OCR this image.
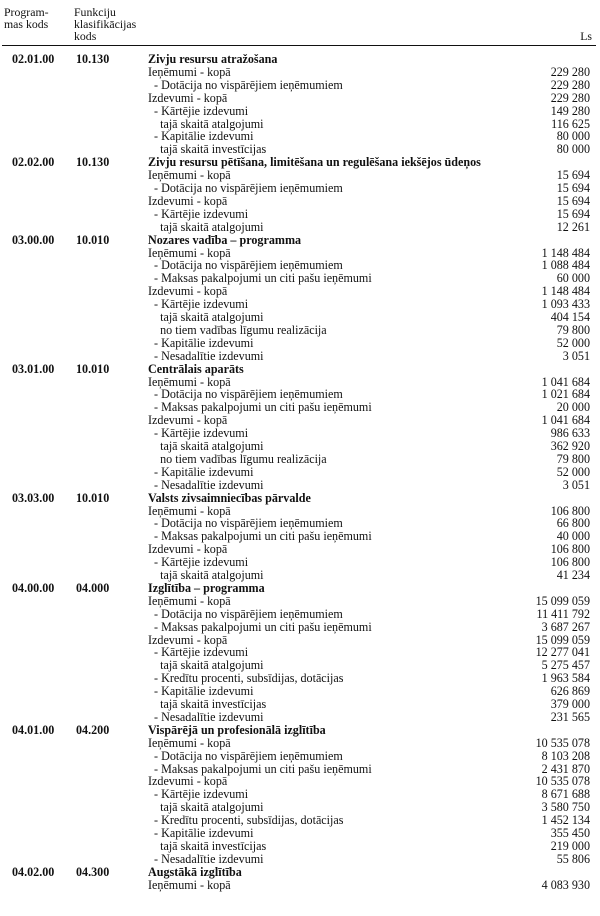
Program-
mas kods
Funkciju
klasifikācijas
kods	Ls
02.01.00 10.130	Zivju resursu atražošana
Ieņēmumi - kopā	229 280
- Dotācija no vispārējiem ieņēmumiem	229 280
Izdevumi - kopā	229 280
- Kārtējie izdevumi	149 280
tajā skaitā atalgojumi	116 625
- Kapitālie izdevumi	80 000
tajā skaitā investīcijas	80 000
02.02.00 10.130	Zivju resursu pētīšana, limitēšana un regulēšana iekšējos ūdeņos
Ieņēmumi - kopā	15 694
- Dotācija no vispārējiem ieņēmumiem	15 694
Izdevumi - kopā	15 694
- Kārtējie izdevumi	15 694
tajā skaitā atalgojumi	12 261
03.00.00 10.010	Nozares vadība – programma
Ieņēmumi - kopā	1 148 484
- Dotācija no vispārējiem ieņēmumiem	1 088 484
- Maksas pakalpojumi un citi pašu ieņēmumi	60 000
Izdevumi - kopā	1 148 484
- Kārtējie izdevumi	1 093 433
tajā skaitā atalgojumi	404 154
no tiem vadības līgumu realizācija	79 800
- Kapitālie izdevumi	52 000
- Nesadalītie izdevumi	3 051
03.01.00 10.010	Centrālais aparāts
Ieņēmumi - kopā	1 041 684
- Dotācija no vispārējiem ieņēmumiem	1 021 684
- Maksas pakalpojumi un citi pašu ieņēmumi	20 000
Izdevumi - kopā	1 041 684
- Kārtējie izdevumi	986 633
tajā skaitā atalgojumi	362 920
no tiem vadības līgumu realizācija	79 800
- Kapitālie izdevumi	52 000
- Nesadalītie izdevumi	3 051
03.03.00 10.010	Valsts zivsaimniecības pārvalde
Ieņēmumi - kopā	106 800
- Dotācija no vispārējiem ieņēmumiem	66 800
- Maksas pakalpojumi un citi pašu ieņēmumi	40 000
Izdevumi - kopā	106 800
- Kārtējie izdevumi	106 800
tajā skaitā atalgojumi	41 234
04.00.00 04.000	Izglītība – programma
Ieņēmumi - kopā	15 099 059
- Dotācija no vispārējiem ieņēmumiem	11 411 792
- Maksas pakalpojumi un citi pašu ieņēmumi	3 687 267
Izdevumi - kopā	15 099 059
- Kārtējie izdevumi	12 277 041
tajā skaitā atalgojumi	5 275 457
- Kredītu procenti, subsīdijas, dotācijas	1 963 584
- Kapitālie izdevumi	626 869
tajā skaitā investīcijas	379 000
- Nesadalītie izdevumi	231 565
04.01.00 04.200	Vispārējā un profesionālā izglītība
Ieņēmumi - kopā	10 535 078
- Dotācija no vispārējiem ieņēmumiem	8 103 208
- Maksas pakalpojumi un citi pašu ieņēmumi	2 431 870
Izdevumi - kopā	10 535 078
- Kārtējie izdevumi	8 671 688
tajā skaitā atalgojumi	3 580 750
- Kredītu procenti, subsīdijas, dotācijas	1 452 134
- Kapitālie izdevumi	355 450
tajā skaitā investīcijas	219 000
- Nesadalītie izdevumi	55 806
04.02.00 04.300	Augstākā izglītība
Ieņēmumi - kopā	4 083 930
